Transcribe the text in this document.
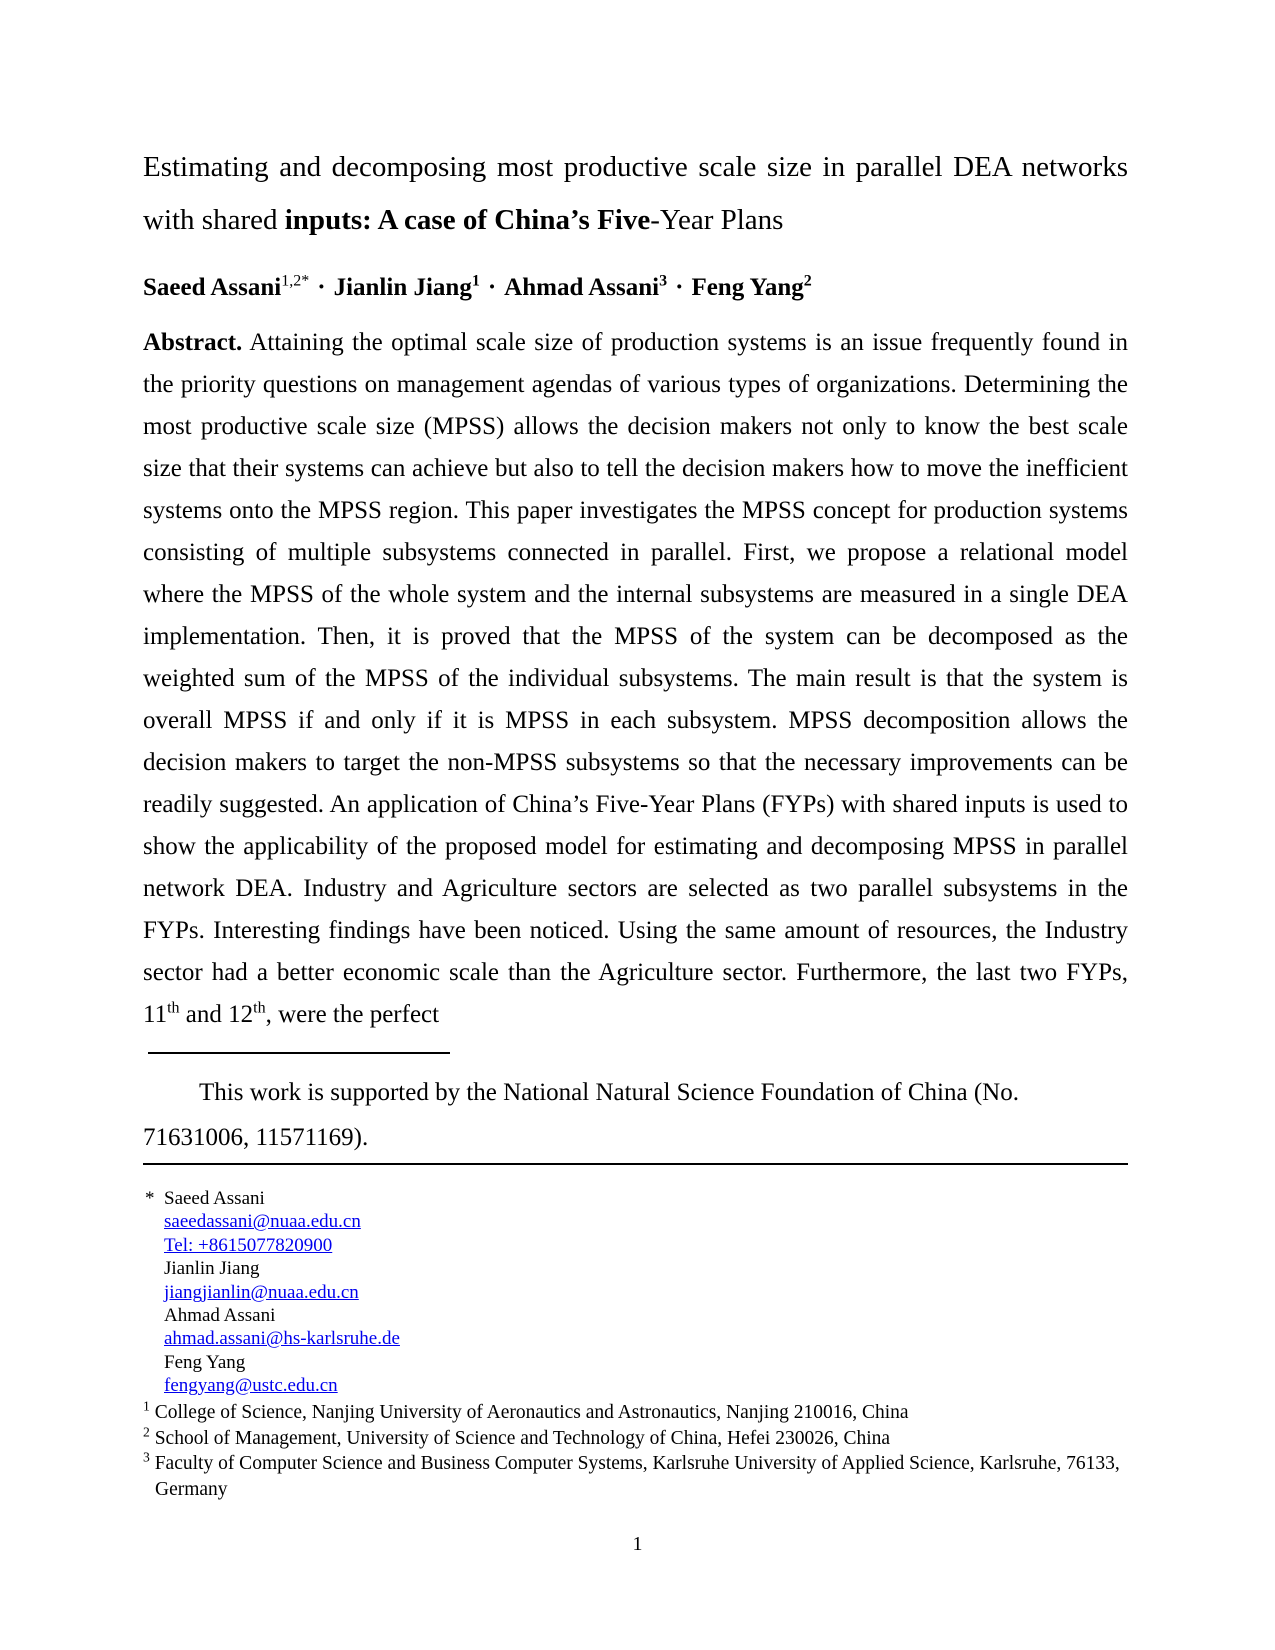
Estimating and decomposing most productive scale size in parallel DEA networks with shared inputs: A case of China’s Five-Year Plans
Saeed Assani$^{1,2*}$ · Jianlin Jiang$^1$ · Ahmad Assani$^3$ · Feng Yang$^2$
Abstract. Attaining the optimal scale size of production systems is an issue frequently found in the priority questions on management agendas of various types of organizations. Determining the most productive scale size (MPSS) allows the decision makers not only to know the best scale size that their systems can achieve but also to tell the decision makers how to move the inefficient systems onto the MPSS region. This paper investigates the MPSS concept for production systems consisting of multiple subsystems connected in parallel. First, we propose a relational model where the MPSS of the whole system and the internal subsystems are measured in a single DEA implementation. Then, it is proved that the MPSS of the system can be decomposed as the weighted sum of the MPSS of the individual subsystems. The main result is that the system is overall MPSS if and only if it is MPSS in each subsystem. MPSS decomposition allows the decision makers to target the non-MPSS subsystems so that the necessary improvements can be readily suggested. An application of China’s Five-Year Plans (FYPs) with shared inputs is used to show the applicability of the proposed model for estimating and decomposing MPSS in parallel network DEA. Industry and Agriculture sectors are selected as two parallel subsystems in the FYPs. Interesting findings have been noticed. Using the same amount of resources, the Industry sector had a better economic scale than the Agriculture sector. Furthermore, the last two FYPs, 11th and 12th, were the perfect
This work is supported by the National Natural Science Foundation of China (No. 71631006, 11571169).
* Saeed Assani
saeedassani@nuaa.edu.cn
Tel: +8615077820900
Jianlin Jiang
jiangjianlin@nuaa.edu.cn
Ahmad Assani
ahmad.assani@hs-karlsruhe.de
Feng Yang
fengyang@ustc.edu.cn
$^1$ College of Science, Nanjing University of Aeronautics and Astronautics, Nanjing 210016, China
$^2$ School of Management, University of Science and Technology of China, Hefei 230026, China
$^3$ Faculty of Computer Science and Business Computer Systems, Karlsruhe University of Applied Science, Karlsruhe, 76133, Germany
1
